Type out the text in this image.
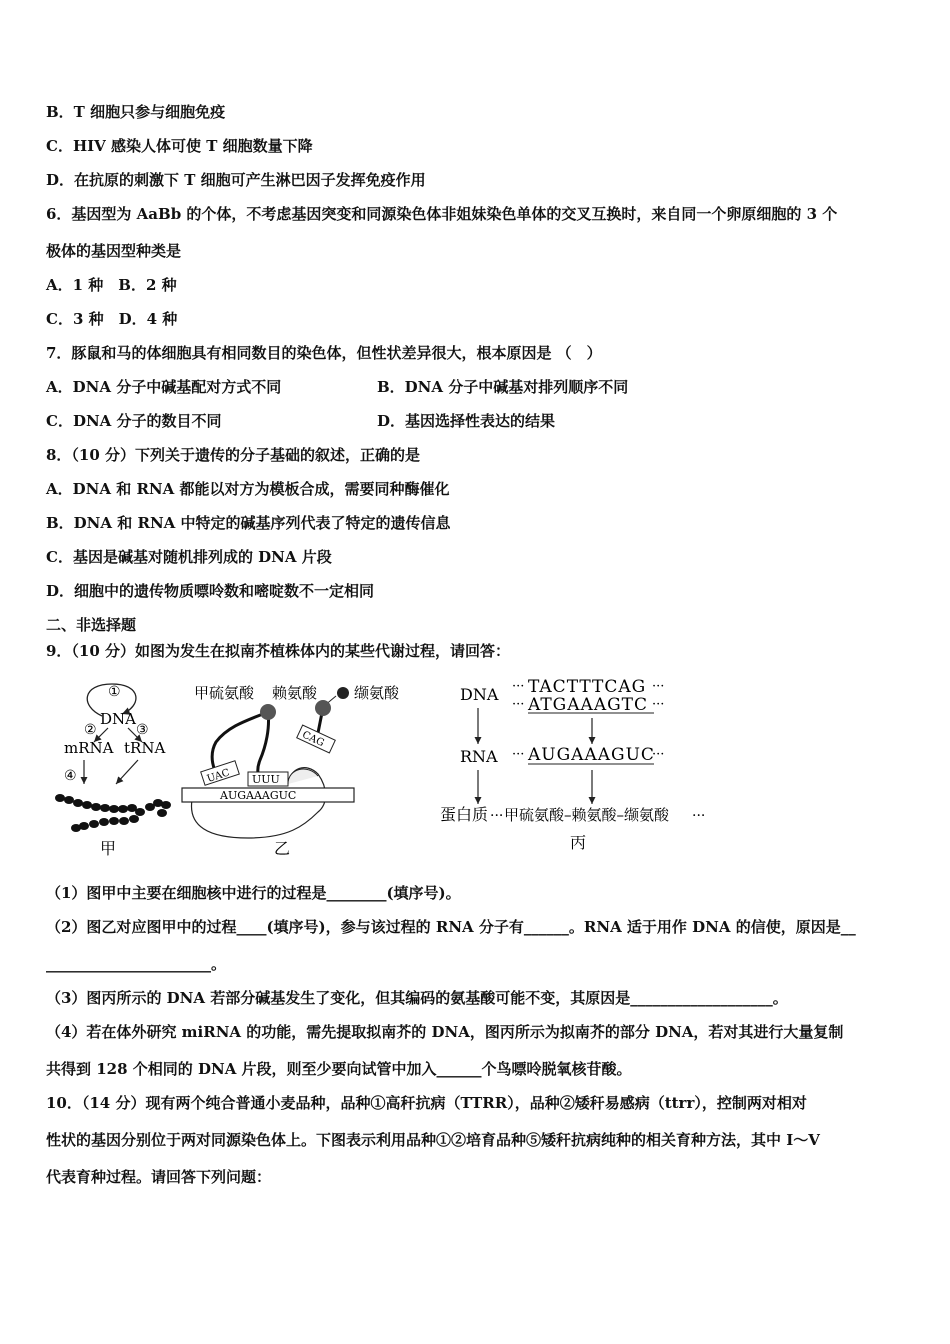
B．T 细胞只参与细胞免疫
C．HIV 感染人体可使 T 细胞数量下降
D．在抗原的刺激下 T 细胞可产生淋巴因子发挥免疫作用
6．基因型为 AaBb 的个体，不考虑基因突变和同源染色体非姐妹染色单体的交叉互换时，来自同一个卵原细胞的 3 个
极体的基因型种类是
A．1 种　B．2 种
C．3 种　D．4 种
7．豚鼠和马的体细胞具有相同数目的染色体，但性状差异很大，根本原因是 （　）
A．DNA 分子中碱基配对方式不同	B．DNA 分子中碱基对排列顺序不同
C．DNA 分子的数目不同	D．基因选择性表达的结果
8．（10 分）下列关于遗传的分子基础的叙述，正确的是
A．DNA 和 RNA 都能以对方为模板合成，需要同种酶催化
B．DNA 和 RNA 中特定的碱基序列代表了特定的遗传信息
C．基因是碱基对随机排列成的 DNA 片段
D．细胞中的遗传物质嘌呤数和嘧啶数不一定相同
二、非选择题
9．（10 分）如图为发生在拟南芥植株体内的某些代谢过程，请回答：
①
DNA
②	③
mRNA tRNA
④
甲
甲硫氨酸 赖氨酸 缬氨酸
UAC UUU
CAG
AUGAAAGUC
乙
DNA
RNA
蛋白质 ···
··· TACTTTCAG ···
··· ATGAAAGTC ···
··· AUGAAAGUC
···
甲硫氨酸–赖氨酸–缬氨酸 ···
丙
（1）图甲中主要在细胞核中进行的过程是________(填序号)。
（2）图乙对应图甲中的过程____(填序号)，参与该过程的 RNA 分子有______。RNA 适于用作 DNA 的信使，原因是__
______________________。
（3）图丙所示的 DNA 若部分碱基发生了变化，但其编码的氨基酸可能不变，其原因是___________________。
（4）若在体外研究 miRNA 的功能，需先提取拟南芥的 DNA，图丙所示为拟南芥的部分 DNA，若对其进行大量复制
共得到 128 个相同的 DNA 片段，则至少要向试管中加入______个鸟嘌呤脱氧核苷酸。
10．（14 分）现有两个纯合普通小麦品种，品种①高秆抗病（TTRR），品种②矮秆易感病（ttrr），控制两对相对
性状的基因分别位于两对同源染色体上。下图表示利用品种①②培育品种⑤矮秆抗病纯种的相关育种方法，其中 I～V
代表育种过程。请回答下列问题：
